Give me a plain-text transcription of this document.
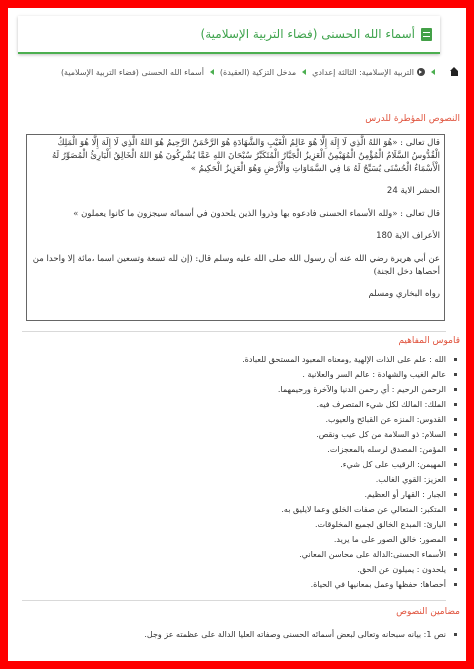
أسماء الله الحسنى (فضاء التربية الإسلامية)
التربية الإسلامية: الثالثة إعدادي
مدخل التزكية (العقيدة)
أسماء الله الحسنى (فضاء التربية الإسلامية)
النصوص المؤطرة للدرس

قال تعالى : «هُوَ اللهُ الَّذِي لَا إِلَهَ إِلَّا هُوَ عَالِمُ الْغَيْبِ وَالشَّهَادَةِ هُوَ الرَّحْمَنُ الرَّحِيمُ هُوَ اللهُ الَّذِي لَا إِلَهَ إِلَّا هُوَ الْمَلِكُ الْقُدُّوسُ السَّلَامُ الْمُؤْمِنُ الْمُهَيْمِنُ الْعَزِيزُ الْجَبَّارُ الْمُتَكَبِّرُ سُبْحَانَ اللهِ عَمَّا يُشْرِكُونَ هُوَ اللهُ الْخَالِقُ الْبَارِئُ الْمُصَوِّرُ لَهُ الْأَسْمَاءُ الْحُسْنَى يُسَبِّحُ لَهُ مَا فِي السَّمَاوَاتِ وَالْأَرْضِ وَهُوَ الْعَزِيزُ الْحَكِيمُ »

الحشر الاية 24

قال تعالى : «ولله الأسماء الحسنى فادعوه بها وذروا الذين يلحدون في أسمائه سيجزون ما كانوا يعملون »

الأعراف الاية 180

عن أبي هريرة رضي الله عنه أن رسول الله صلى الله عليه وسلم قال: (إن لله تسعة وتسعين اسما ،مائة إلا واحدا من أحصاها دخل الجنة)

رواه البخاري ومسلم

قاموس المفاهيم
الله : علم على الذات الإلهية ,ومعناه المعبود المستحق للعبادة.
عالم الغيب والشهادة : عالم السر والعلانية .
الرحمن الرحيم : أي رحمن الدنيا والآخرة ورحيمهما.
الملك: المالك لكل شيء المتصرف فيه.
القدوس: المنزه عن القبائح والعيوب.
السلام: ذو السلامة من كل عيب ونقص.
المؤمن: المصدق لرسله بالمعجزات.
المهيمن: الرقيب على كل شيء.
العزيز: القوي الغالب.
الجبار : القهار أو العظيم.
المتكبر: المتعالي عن صفات الخلق وعما لايليق به.
البارئ: المبدع الخالق لجميع المخلوقات.
المصور: خالق الصور على ما يريد.
الأسماء الحسنى:الدالة على محاسن المعاني.
يلحدون : يميلون عن الحق.
أحصاها: حفظها وعمل بمعانيها في الحياة.
مضامين النصوص
نص 1: بيانه سبحانه وتعالى لبعض أسمائه الحسنى وصفاته العليا الدالة على عظمته عز وجل.
